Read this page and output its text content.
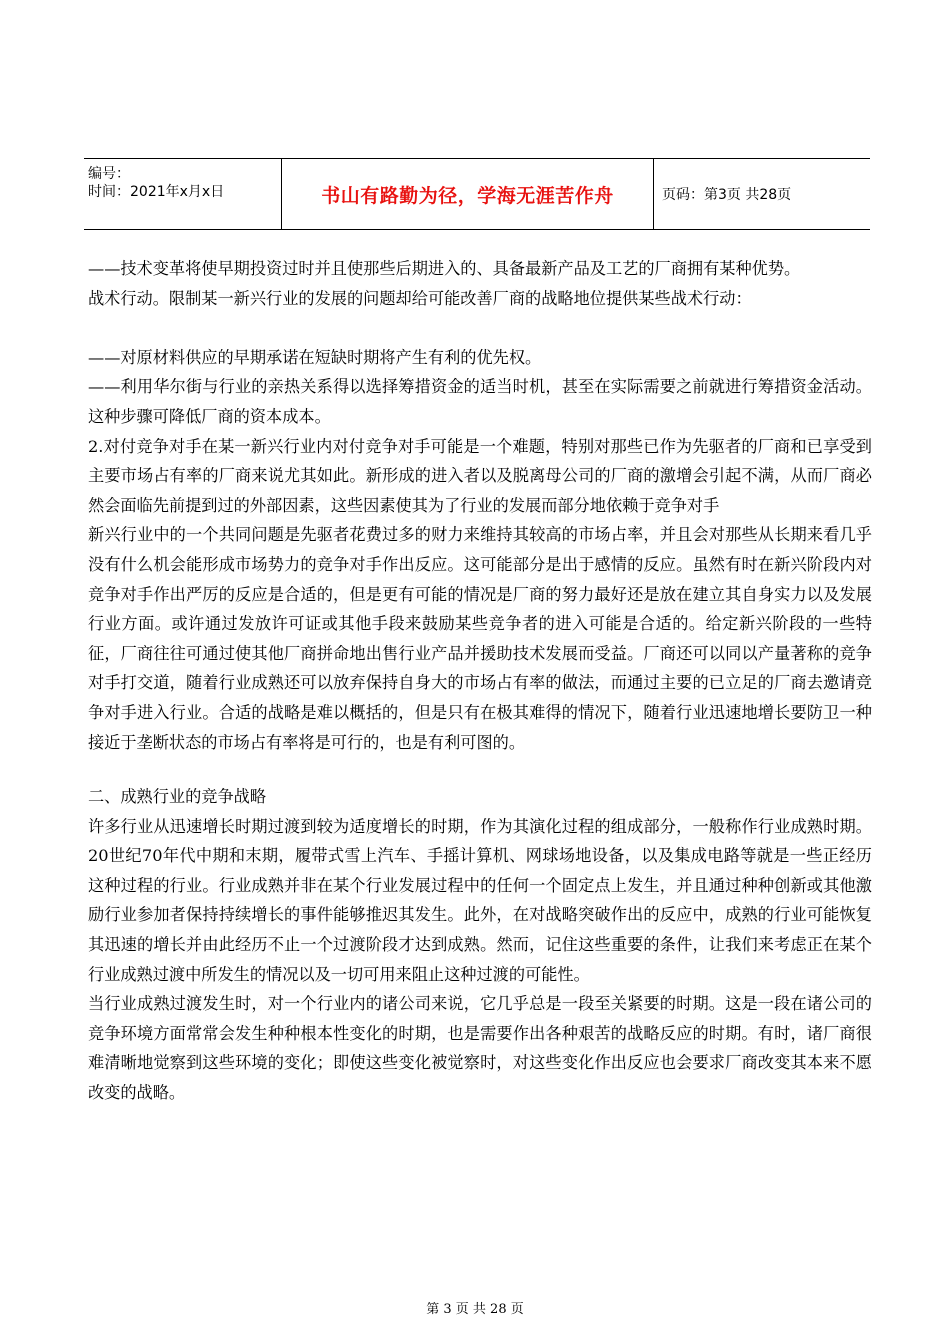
编号：
时间：2021年x月x日	书山有路勤为径，学海无涯苦作舟	页码：第3页 共28页

——技术变革将使早期投资过时并且使那些后期进入的、具备最新产品及工艺的厂商拥有某种优势。

战术行动。限制某一新兴行业的发展的问题却给可能改善厂商的战略地位提供某些战术行动：

——对原材料供应的早期承诺在短缺时期将产生有利的优先权。

——利用华尔街与行业的亲热关系得以选择筹措资金的适当时机，甚至在实际需要之前就进行筹措资金活动。这种步骤可降低厂商的资本成本。

2.对付竞争对手在某一新兴行业内对付竞争对手可能是一个难题，特别对那些已作为先驱者的厂商和已享受到主要市场占有率的厂商来说尤其如此。新形成的进入者以及脱离母公司的厂商的激增会引起不满，从而厂商必然会面临先前提到过的外部因素，这些因素使其为了行业的发展而部分地依赖于竞争对手

新兴行业中的一个共同问题是先驱者花费过多的财力来维持其较高的市场占率，并且会对那些从长期来看几乎没有什么机会能形成市场势力的竞争对手作出反应。这可能部分是出于感情的反应。虽然有时在新兴阶段内对竞争对手作出严厉的反应是合适的，但是更有可能的情况是厂商的努力最好还是放在建立其自身实力以及发展行业方面。或许通过发放许可证或其他手段来鼓励某些竞争者的进入可能是合适的。给定新兴阶段的一些特征，厂商往往可通过使其他厂商拼命地出售行业产品并援助技术发展而受益。厂商还可以同以产量著称的竞争对手打交道，随着行业成熟还可以放弃保持自身大的市场占有率的做法，而通过主要的已立足的厂商去邀请竞争对手进入行业。合适的战略是难以概括的，但是只有在极其难得的情况下，随着行业迅速地增长要防卫一种接近于垄断状态的市场占有率将是可行的，也是有利可图的。

二、成熟行业的竞争战略

许多行业从迅速增长时期过渡到较为适度增长的时期，作为其演化过程的组成部分，一般称作行业成熟时期。20世纪70年代中期和末期，履带式雪上汽车、手摇计算机、网球场地设备，以及集成电路等就是一些正经历这种过程的行业。行业成熟并非在某个行业发展过程中的任何一个固定点上发生，并且通过种种创新或其他激励行业参加者保持持续增长的事件能够推迟其发生。此外，在对战略突破作出的反应中，成熟的行业可能恢复其迅速的增长并由此经历不止一个过渡阶段才达到成熟。然而，记住这些重要的条件，让我们来考虑正在某个行业成熟过渡中所发生的情况以及一切可用来阻止这种过渡的可能性。

当行业成熟过渡发生时，对一个行业内的诸公司来说，它几乎总是一段至关紧要的时期。这是一段在诸公司的竞争环境方面常常会发生种种根本性变化的时期，也是需要作出各种艰苦的战略反应的时期。有时，诸厂商很难清晰地觉察到这些环境的变化；即使这些变化被觉察时，对这些变化作出反应也会要求厂商改变其本来不愿改变的战略。

第 3 页 共 28 页
